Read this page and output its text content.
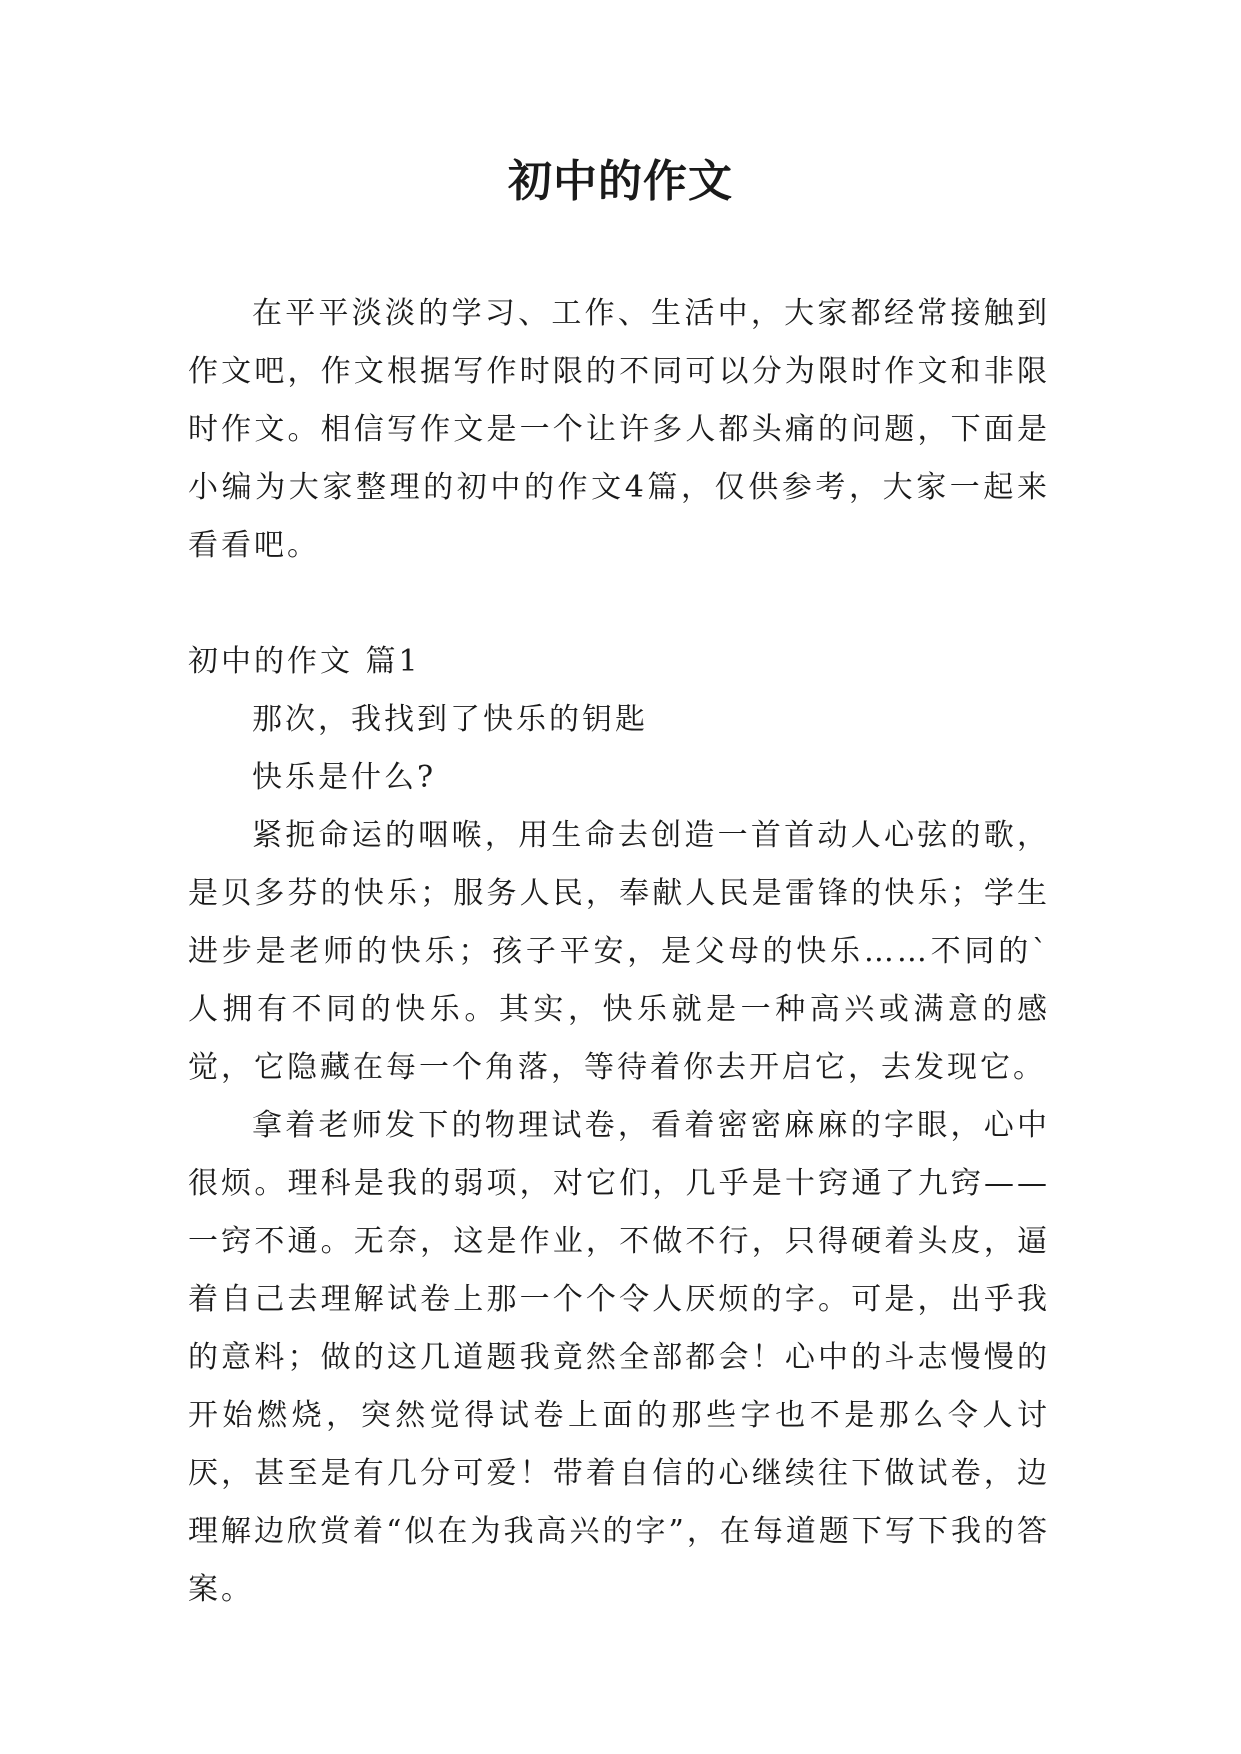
初中的作文

在平平淡淡的学习、工作、生活中，大家都经常接触到作文吧，作文根据写作时限的不同可以分为限时作文和非限时作文。相信写作文是一个让许多人都头痛的问题，下面是小编为大家整理的初中的作文4篇，仅供参考，大家一起来看看吧。

初中的作文 篇1

那次，我找到了快乐的钥匙

快乐是什么?

紧扼命运的咽喉，用生命去创造一首首动人心弦的歌，是贝多芬的快乐；服务人民，奉献人民是雷锋的快乐；学生进步是老师的快乐；孩子平安，是父母的快乐……不同的`人拥有不同的快乐。其实，快乐就是一种高兴或满意的感觉，它隐藏在每一个角落，等待着你去开启它，去发现它。

拿着老师发下的物理试卷，看着密密麻麻的字眼，心中很烦。理科是我的弱项，对它们，几乎是十窍通了九窍——一窍不通。无奈，这是作业，不做不行，只得硬着头皮，逼着自己去理解试卷上那一个个令人厌烦的字。可是，出乎我的意料；做的这几道题我竟然全部都会！心中的斗志慢慢的开始燃烧，突然觉得试卷上面的那些字也不是那么令人讨厌，甚至是有几分可爱！带着自信的心继续往下做试卷，边理解边欣赏着“似在为我高兴的字”，在每道题下写下我的答案。
